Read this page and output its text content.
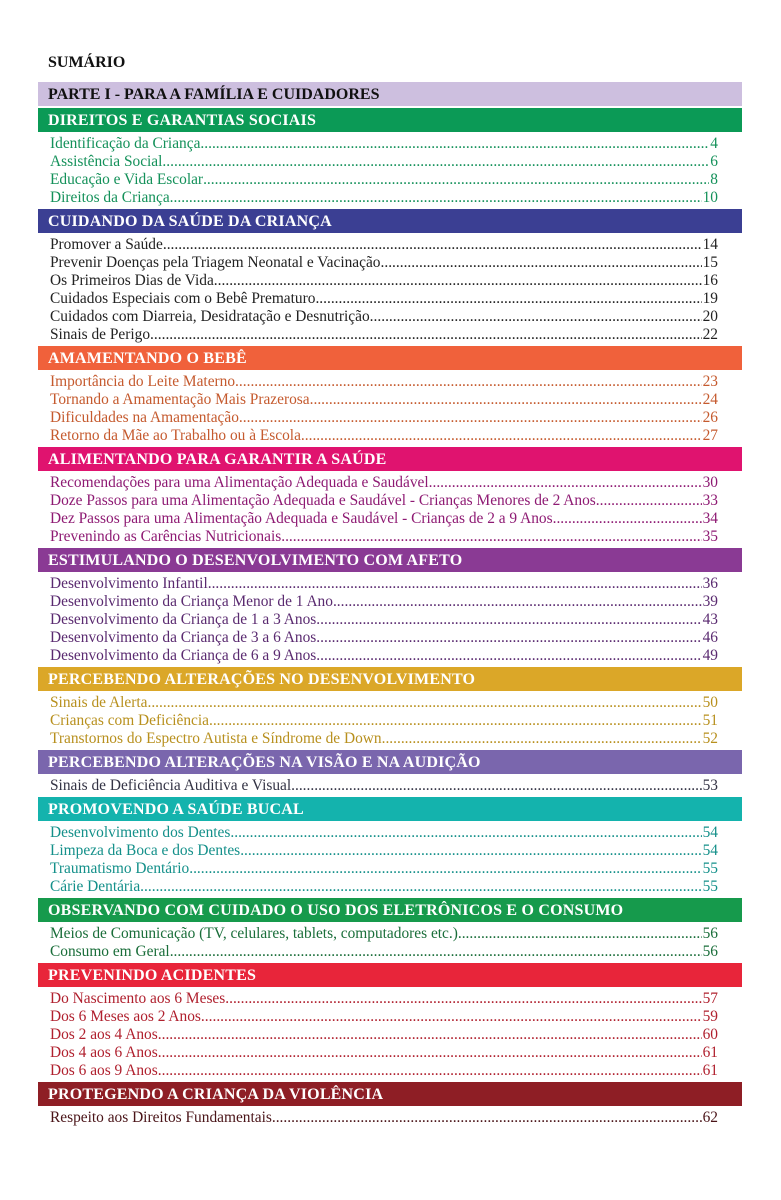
SUMÁRIO
PARTE I - PARA A FAMÍLIA E CUIDADORES
DIREITOS E GARANTIAS SOCIAIS
Identificação da Criança .....	4
Assistência Social .....	6
Educação e Vida Escolar .....	8
Direitos da Criança .....	10
CUIDANDO DA SAÚDE DA CRIANÇA
Promover a Saúde .....	14
Prevenir Doenças pela Triagem Neonatal e Vacinação .....	15
Os Primeiros Dias de Vida .....	16
Cuidados Especiais com o Bebê Prematuro .....	19
Cuidados com Diarreia, Desidratação e Desnutrição .....	20
Sinais de Perigo .....	22
AMAMENTANDO O BEBÊ
Importância do Leite Materno .....	23
Tornando a Amamentação Mais Prazerosa .....	24
Dificuldades na Amamentação .....	26
Retorno da Mãe ao Trabalho ou à Escola .....	27
ALIMENTANDO PARA GARANTIR A SAÚDE
Recomendações para uma Alimentação Adequada e Saudável .....	30
Doze Passos para uma Alimentação Adequada e Saudável - Crianças Menores de 2 Anos .....	33
Dez Passos para uma Alimentação Adequada e Saudável - Crianças de 2 a 9 Anos .....	34
Prevenindo as Carências Nutricionais .....	35
ESTIMULANDO O DESENVOLVIMENTO COM AFETO
Desenvolvimento Infantil .....	36
Desenvolvimento da Criança Menor de 1 Ano .....	39
Desenvolvimento da Criança de 1 a 3 Anos .....	43
Desenvolvimento da Criança de 3 a 6 Anos .....	46
Desenvolvimento da Criança de 6 a 9 Anos .....	49
PERCEBENDO ALTERAÇÕES NO DESENVOLVIMENTO
Sinais de Alerta .....	50
Crianças com Deficiência .....	51
Transtornos do Espectro Autista e Síndrome de Down .....	52
PERCEBENDO ALTERAÇÕES NA VISÃO E NA AUDIÇÃO
Sinais de Deficiência Auditiva e Visual .....	53
PROMOVENDO A SAÚDE BUCAL
Desenvolvimento dos Dentes .....	54
Limpeza da Boca e dos Dentes .....	54
Traumatismo Dentário .....	55
Cárie Dentária .....	55
OBSERVANDO COM CUIDADO O USO DOS ELETRÔNICOS E O CONSUMO
Meios de Comunicação (TV, celulares, tablets, computadores etc.) .....	56
Consumo em Geral .....	56
PREVENINDO ACIDENTES
Do Nascimento aos 6 Meses .....	57
Dos 6 Meses aos 2 Anos .....	59
Dos 2 aos 4 Anos .....	60
Dos 4 aos 6 Anos .....	61
Dos 6 aos 9 Anos .....	61
PROTEGENDO A CRIANÇA DA VIOLÊNCIA
Respeito aos Direitos Fundamentais .....	62
